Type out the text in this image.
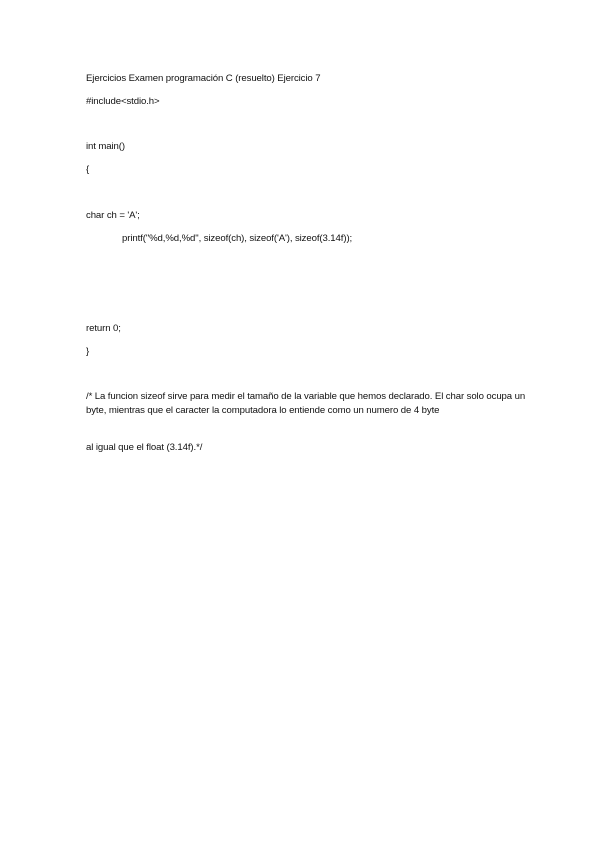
Ejercicios Examen programación C (resuelto) Ejercicio 7
#include<stdio.h>
int main()
{
char ch = 'A';
printf("%d,%d,%d", sizeof(ch), sizeof('A'), sizeof(3.14f));
return 0;
}
/* La funcion sizeof sirve para medir el tamaño de la variable que hemos declarado. El char solo ocupa un byte, mientras que el caracter la computadora lo entiende como un numero de 4 byte
al igual que el float (3.14f).*/
